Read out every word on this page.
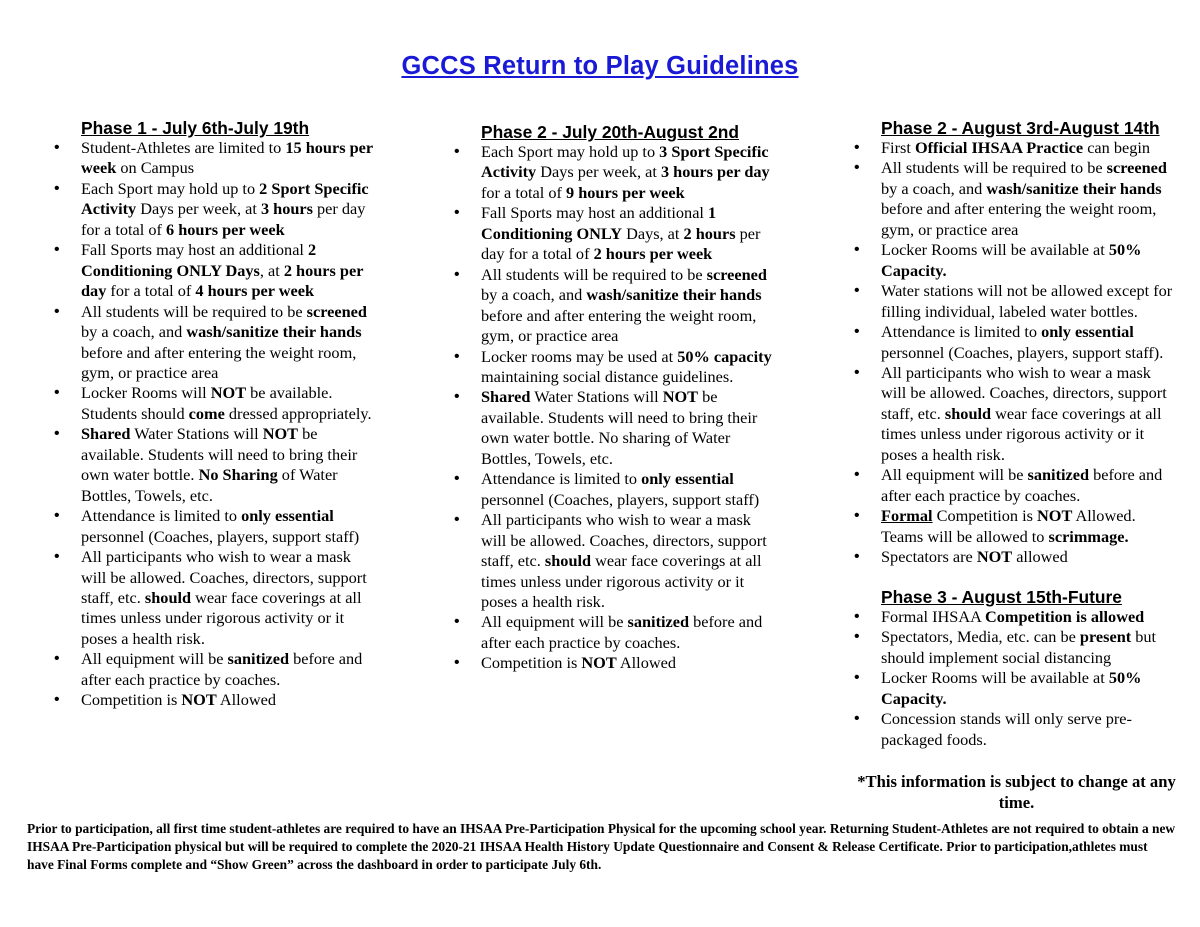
GCCS Return to Play Guidelines
Phase 1 - July 6th-July 19th
• Student-Athletes are limited to 15 hours per week on Campus
• Each Sport may hold up to 2 Sport Specific Activity Days per week, at 3 hours per day for a total of 6 hours per week
• Fall Sports may host an additional 2 Conditioning ONLY Days, at 2 hours per day for a total of 4 hours per week
• All students will be required to be screened by a coach, and wash/sanitize their hands before and after entering the weight room, gym, or practice area
• Locker Rooms will NOT be available. Students should come dressed appropriately.
• Shared Water Stations will NOT be available. Students will need to bring their own water bottle. No Sharing of Water Bottles, Towels, etc.
• Attendance is limited to only essential personnel (Coaches, players, support staff)
• All participants who wish to wear a mask will be allowed. Coaches, directors, support staff, etc. should wear face coverings at all times unless under rigorous activity or it poses a health risk.
• All equipment will be sanitized before and after each practice by coaches.
• Competition is NOT Allowed
Phase 2 - July 20th-August 2nd
• Each Sport may hold up to 3 Sport Specific Activity Days per week, at 3 hours per day for a total of 9 hours per week
• Fall Sports may host an additional 1 Conditioning ONLY Days, at 2 hours per day for a total of 2 hours per week
• All students will be required to be screened by a coach, and wash/sanitize their hands before and after entering the weight room, gym, or practice area
• Locker rooms may be used at 50% capacity maintaining social distance guidelines.
• Shared Water Stations will NOT be available. Students will need to bring their own water bottle. No sharing of Water Bottles, Towels, etc.
• Attendance is limited to only essential personnel (Coaches, players, support staff)
• All participants who wish to wear a mask will be allowed. Coaches, directors, support staff, etc. should wear face coverings at all times unless under rigorous activity or it poses a health risk.
• All equipment will be sanitized before and after each practice by coaches.
• Competition is NOT Allowed
Phase 2 - August 3rd-August 14th
• First Official IHSAA Practice can begin
• All students will be required to be screened by a coach, and wash/sanitize their hands before and after entering the weight room, gym, or practice area
• Locker Rooms will be available at 50% Capacity.
• Water stations will not be allowed except for filling individual, labeled water bottles.
• Attendance is limited to only essential personnel (Coaches, players, support staff).
• All participants who wish to wear a mask will be allowed. Coaches, directors, support staff, etc. should wear face coverings at all times unless under rigorous activity or it poses a health risk.
• All equipment will be sanitized before and after each practice by coaches.
• Formal Competition is NOT Allowed. Teams will be allowed to scrimmage.
• Spectators are NOT allowed
Phase 3 - August 15th-Future
• Formal IHSAA Competition is allowed
• Spectators, Media, etc. can be present but should implement social distancing
• Locker Rooms will be available at 50% Capacity.
• Concession stands will only serve pre-packaged foods.
*This information is subject to change at any time.
Prior to participation, all first time student-athletes are required to have an IHSAA Pre-Participation Physical for the upcoming school year. Returning Student-Athletes are not required to obtain a new IHSAA Pre-Participation physical but will be required to complete the 2020-21 IHSAA Health History Update Questionnaire and Consent & Release Certificate. Prior to participation,athletes must have Final Forms complete and “Show Green” across the dashboard in order to participate July 6th.
